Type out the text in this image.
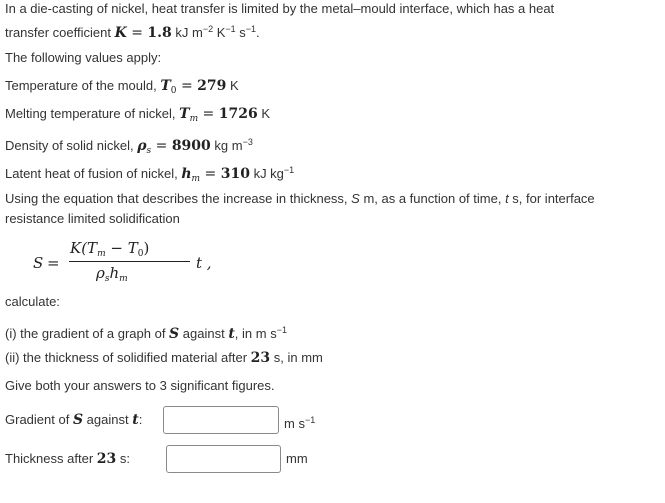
In a die-casting of nickel, heat transfer is limited by the metal–mould interface, which has a heat
transfer coefficient K = 1.8 kJ $m^{-2}$ $K^{-1}$ $s^{-1}$.
The following values apply:
Temperature of the mould, $T_0 = 279$ K
Melting temperature of nickel, $T_m = 1726$ K
Density of solid nickel, $\rho_s = 8900$ kg $m^{-3}$
Latent heat of fusion of nickel, $h_m = 310$ kJ $kg^{-1}$
Using the equation that describes the increase in thickness, S m, as a function of time, t s, for interface
resistance limited solidification
S =
$K(T_m - T_0)$
$\rho_sh_m$
t ,
calculate:
(i) the gradient of a graph of S against t, in m $s^{-1}$
(ii) the thickness of solidified material after 23 s, in mm
Give both your answers to 3 significant figures.
Gradient of S against t:	m $s^{-1}$
Thickness after 23 s:	mm
